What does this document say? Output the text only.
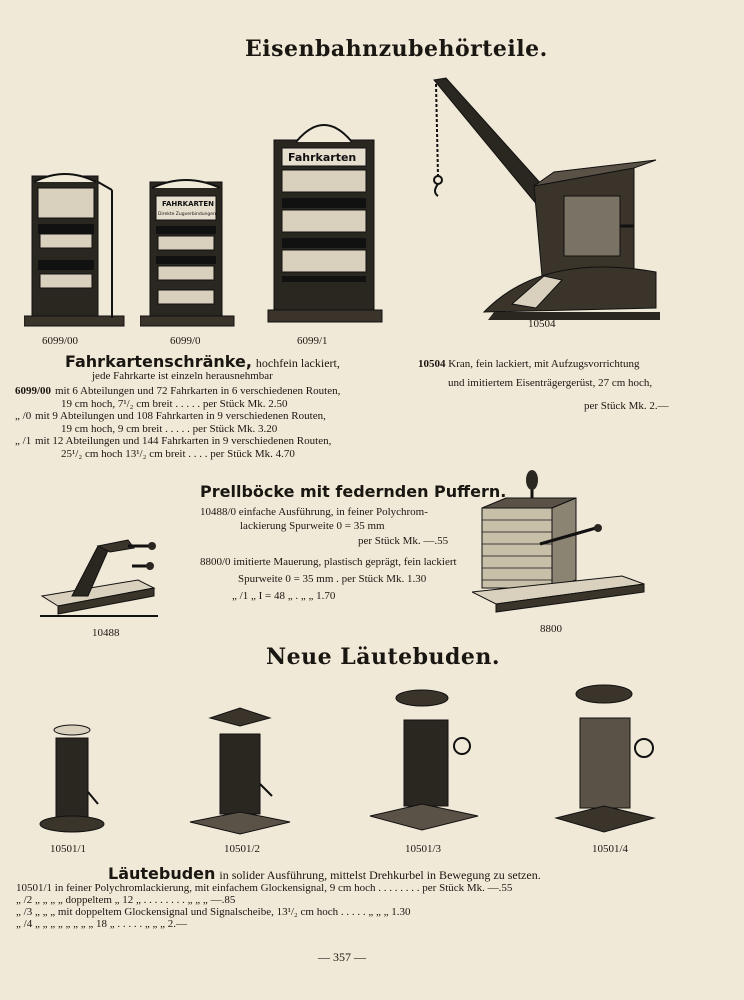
Eisenbahnzubehörteile.
6099/00
FAHRKARTEN
Direkte Zugverbindungen
6099/0
Fahrkarten
6099/1
10504
Fahrkartenschränke, hochfein lackiert,
jede Fahrkarte ist einzeln herausnehmbar
6099/00 mit 6 Abteilungen und 72 Fahrkarten in 6 verschiedenen Routen,
19 cm hoch, 7¹/₂ cm breit . . . . . per Stück Mk. 2.50
„ /0 mit 9 Abteilungen und 108 Fahrkarten in 9 verschiedenen Routen,
19 cm hoch, 9 cm breit . . . . . per Stück Mk. 3.20
„ /1 mit 12 Abteilungen und 144 Fahrkarten in 9 verschiedenen Routen,
25¹/₂ cm hoch 13¹/₂ cm breit . . . . per Stück Mk. 4.70
10504 Kran, fein lackiert, mit Aufzugsvorrichtung
und imitiertem Eisenträgergerüst, 27 cm hoch,
per Stück Mk. 2.—
Prellböcke mit federnden Puffern.
10488
10488/0 einfache Ausführung, in feiner Polychrom-
lackierung Spurweite 0 = 35 mm
per Stück Mk. —.55
8800/0 imitierte Mauerung, plastisch geprägt, fein lackiert
Spurweite 0 = 35 mm . per Stück Mk. 1.30
„ /1 „ I = 48 „ . „ „ 1.70
8800
Neue Läutebuden.
10501/1	10501/2	10501/3	10501/4
Läutebuden in solider Ausführung, mittelst Drehkurbel in Bewegung zu setzen.
10501/1 in feiner Polychromlackierung, mit einfachem Glockensignal, 9 cm hoch . . . . . . . . per Stück Mk. —.55
„ /2 „ „ „ „ doppeltem „ 12 „ . . . . . . . . „ „ „ —.85
„ /3 „ „ „ mit doppeltem Glockensignal und Signalscheibe, 13¹/₂ cm hoch . . . . . „ „ „ 1.30
„ /4 „ „ „ „ „ „ „ „ 18 „ . . . . . „ „ „ 2.—
— 357 —
